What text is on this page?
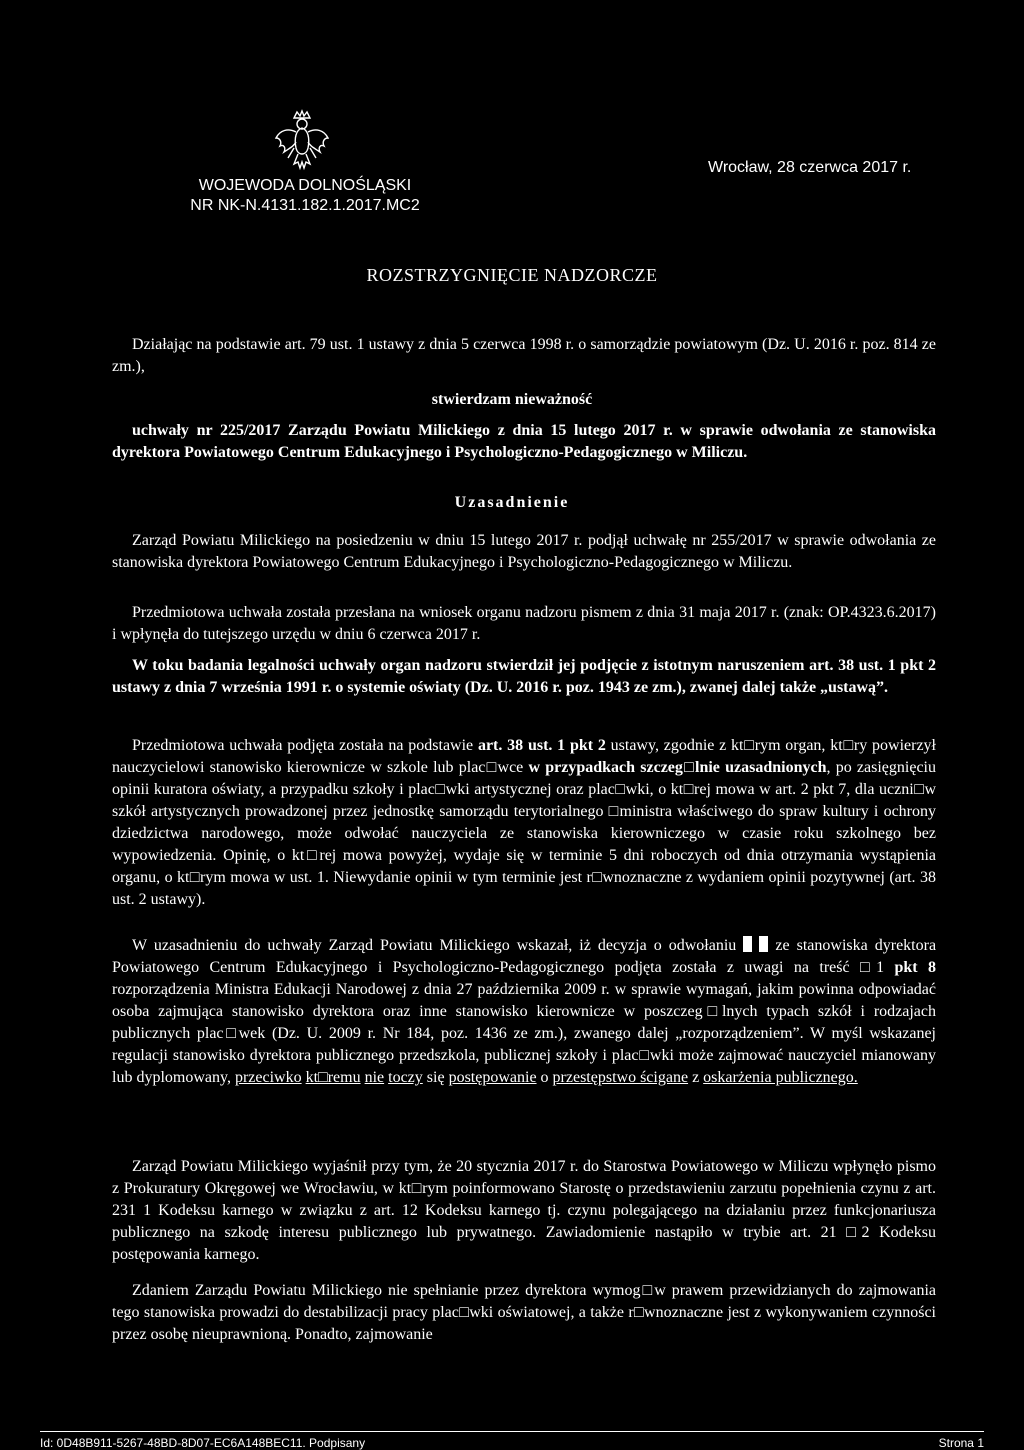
WOJEWODA DOLNOŚLĄSKI
NR NK-N.4131.182.1.2017.MC2
Wrocław, 28 czerwca 2017 r.
ROZSTRZYGNIĘCIE NADZORCZE
Działając na podstawie art. 79 ust. 1 ustawy z dnia 5 czerwca 1998 r. o samorządzie powiatowym (Dz. U. 2016 r. poz. 814 ze zm.),
stwierdzam nieważność
uchwały nr 225/2017 Zarządu Powiatu Milickiego z dnia 15 lutego 2017 r. w sprawie odwołania ze stanowiska dyrektora Powiatowego Centrum Edukacyjnego i Psychologiczno-Pedagogicznego w Miliczu.
Uzasadnienie
Zarząd Powiatu Milickiego na posiedzeniu w dniu 15 lutego 2017 r. podjął uchwałę nr 255/2017 w sprawie odwołania ze stanowiska dyrektora Powiatowego Centrum Edukacyjnego i Psychologiczno-Pedagogicznego w Miliczu.
Przedmiotowa uchwała została przesłana na wniosek organu nadzoru pismem z dnia 31 maja 2017 r. (znak: OP.4323.6.2017) i wpłynęła do tutejszego urzędu w dniu 6 czerwca 2017 r.
W toku badania legalności uchwały organ nadzoru stwierdził jej podjęcie z istotnym naruszeniem art. 38 ust. 1 pkt 2 ustawy z dnia 7 września 1991 r. o systemie oświaty (Dz. U. 2016 r. poz. 1943 ze zm.), zwanej dalej także „ustawą”.
Przedmiotowa uchwała podjęta została na podstawie art. 38 ust. 1 pkt 2 ustawy, zgodnie z kt□rym organ, kt□ry powierzył nauczycielowi stanowisko kierownicze w szkole lub plac□wce w przypadkach szczeg□lnie uzasadnionych, po zasięgnięciu opinii kuratora oświaty, a przypadku szkoły i plac□wki artystycznej oraz plac□wki, o kt□rej mowa w art. 2 pkt 7, dla uczni□w szkół artystycznych prowadzonej przez jednostkę samorządu terytorialnego □ministra właściwego do spraw kultury i ochrony dziedzictwa narodowego, może odwołać nauczyciela ze stanowiska kierowniczego w czasie roku szkolnego bez wypowiedzenia. Opinię, o kt□rej mowa powyżej, wydaje się w terminie 5 dni roboczych od dnia otrzymania wystąpienia organu, o kt□rym mowa w ust. 1. Niewydanie opinii w tym terminie jest r□wnoznaczne z wydaniem opinii pozytywnej (art. 38 ust. 2 ustawy).
W uzasadnieniu do uchwały Zarząd Powiatu Milickiego wskazał, iż decyzja o odwołaniu ze stanowiska dyrektora Powiatowego Centrum Edukacyjnego i Psychologiczno-Pedagogicznego podjęta została z uwagi na treść □1 pkt 8 rozporządzenia Ministra Edukacji Narodowej z dnia 27 października 2009 r. w sprawie wymagań, jakim powinna odpowiadać osoba zajmująca stanowisko dyrektora oraz inne stanowisko kierownicze w poszczeg□lnych typach szkół i rodzajach publicznych plac□wek (Dz. U. 2009 r. Nr 184, poz. 1436 ze zm.), zwanego dalej „rozporządzeniem”. W myśl wskazanej regulacji stanowisko dyrektora publicznego przedszkola, publicznej szkoły i plac□wki może zajmować nauczyciel mianowany lub dyplomowany, przeciwko kt□remu nie toczy się postępowanie o przestępstwo ścigane z oskarżenia publicznego.
Zarząd Powiatu Milickiego wyjaśnił przy tym, że 20 stycznia 2017 r. do Starostwa Powiatowego w Miliczu wpłynęło pismo z Prokuratury Okręgowej we Wrocławiu, w kt□rym poinformowano Starostę o przedstawieniu zarzutu popełnienia czynu z art. 231 1 Kodeksu karnego w związku z art. 12 Kodeksu karnego tj. czynu polegającego na działaniu przez funkcjonariusza publicznego na szkodę interesu publicznego lub prywatnego. Zawiadomienie nastąpiło w trybie art. 21 □2 Kodeksu postępowania karnego.
Zdaniem Zarządu Powiatu Milickiego nie spełnianie przez dyrektora wymog□w prawem przewidzianych do zajmowania tego stanowiska prowadzi do destabilizacji pracy plac□wki oświatowej, a także r□wnoznaczne jest z wykonywaniem czynności przez osobę nieuprawnioną. Ponadto, zajmowanie
Id: 0D48B911-5267-48BD-8D07-EC6A148BEC11. Podpisany	Strona 1
